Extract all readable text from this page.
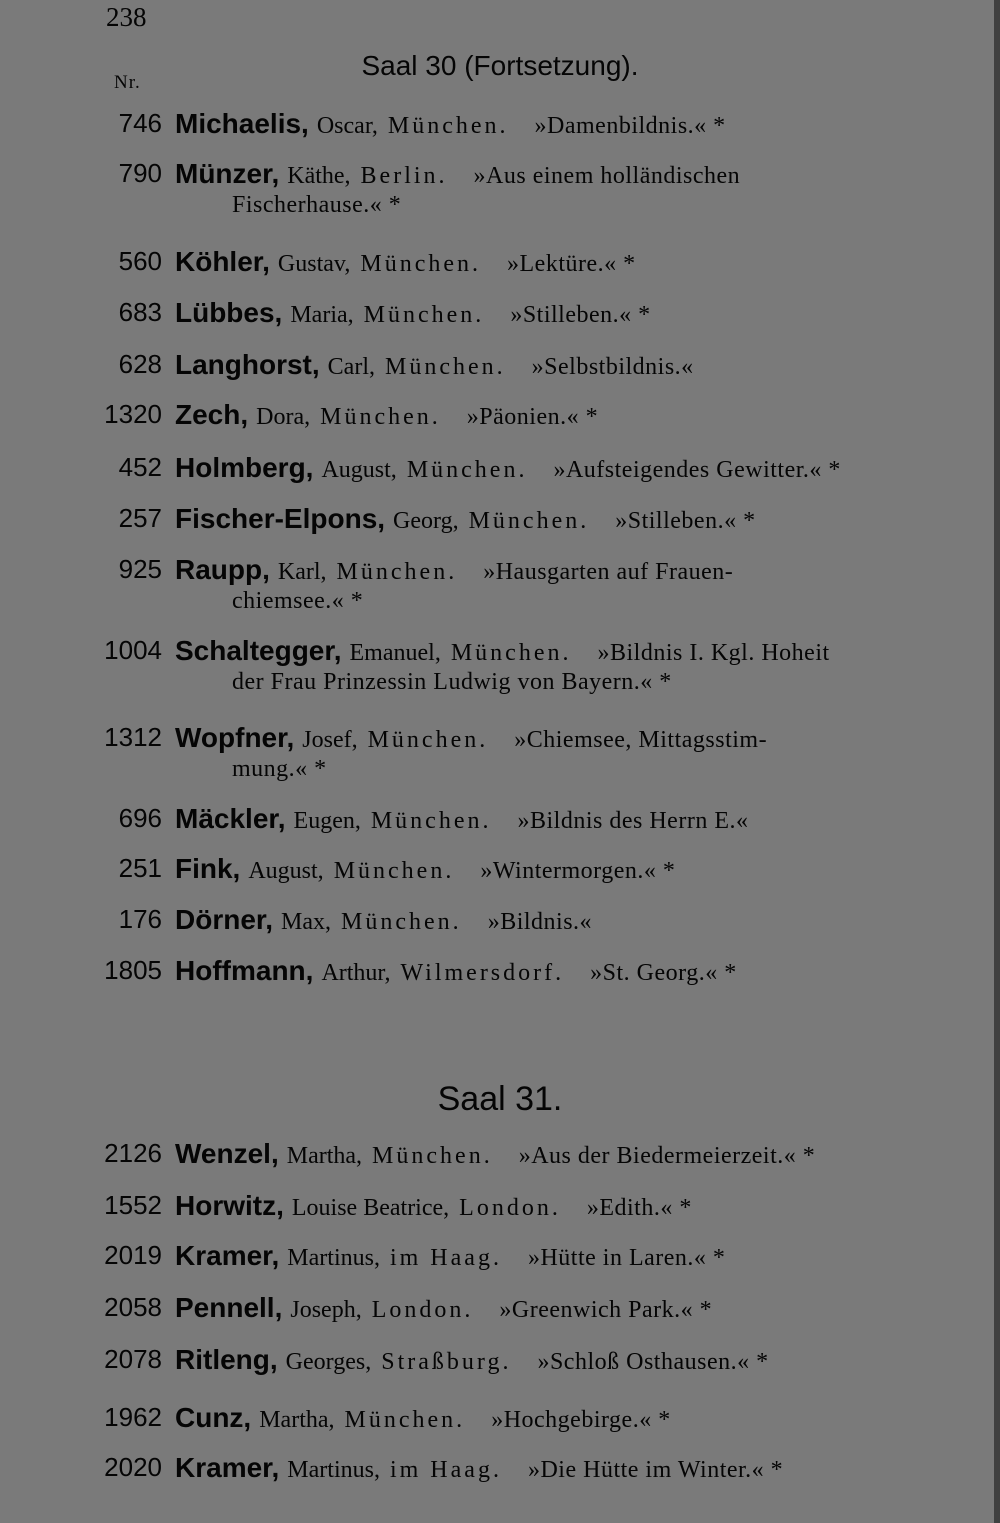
238
Nr.
Saal 30 (Fortsetzung).
Saal 31.
746 Michaelis, Oscar, München. »Damenbildnis.« *
790 Münzer, Käthe, Berlin. »Aus einem holländischen
Fischerhause.« *
560 Köhler, Gustav, München. »Lektüre.« *
683 Lübbes, Maria, München. »Stilleben.« *
628 Langhorst, Carl, München. »Selbstbildnis.«
1320 Zech, Dora, München. »Päonien.« *
452 Holmberg, August, München. »Aufsteigendes Gewitter.« *
257 Fischer-Elpons, Georg, München. »Stilleben.« *
925 Raupp, Karl, München. »Hausgarten auf Frauen-
chiemsee.« *
1004 Schaltegger, Emanuel, München. »Bildnis I. Kgl. Hoheit
der Frau Prinzessin Ludwig von Bayern.« *
1312 Wopfner, Josef, München. »Chiemsee, Mittagsstim-
mung.« *
696 Mäckler, Eugen, München. »Bildnis des Herrn E.«
251 Fink, August, München. »Wintermorgen.« *
176 Dörner, Max, München. »Bildnis.«
1805 Hoffmann, Arthur, Wilmersdorf. »St. Georg.« *
2126 Wenzel, Martha, München. »Aus der Biedermeierzeit.« *
1552 Horwitz, Louise Beatrice, London. »Edith.« *
2019 Kramer, Martinus, im Haag. »Hütte in Laren.« *
2058 Pennell, Joseph, London. »Greenwich Park.« *
2078 Ritleng, Georges, Straßburg. »Schloß Osthausen.« *
1962 Cunz, Martha, München. »Hochgebirge.« *
2020 Kramer, Martinus, im Haag. »Die Hütte im Winter.« *
